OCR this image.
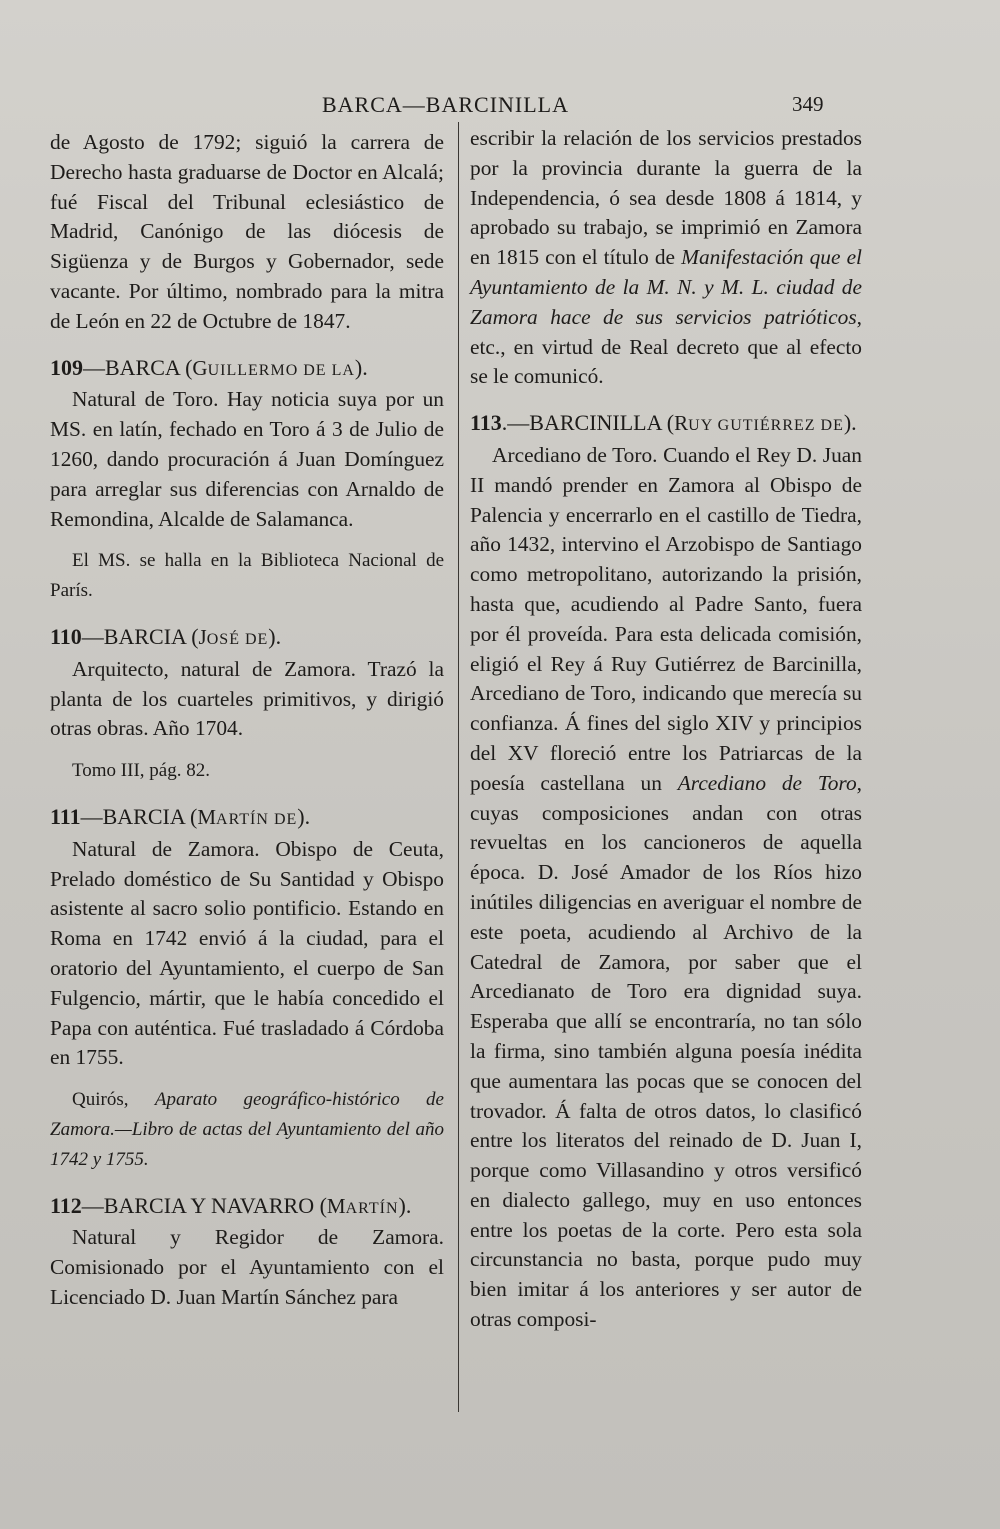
BARCA—BARCINILLA	349

de Agosto de 1792; siguió la carrera de Derecho hasta graduarse de Doctor en Alcalá; fué Fiscal del Tribunal eclesiástico de Madrid, Canónigo de las diócesis de Sigüenza y de Burgos y Gobernador, sede vacante. Por último, nombrado para la mitra de León en 22 de Octubre de 1847.

109—BARCA (GUILLERMO DE LA).

Natural de Toro. Hay noticia suya por un MS. en latín, fechado en Toro á 3 de Julio de 1260, dando procuración á Juan Domínguez para arreglar sus diferencias con Arnaldo de Remondina, Alcalde de Salamanca.

El MS. se halla en la Biblioteca Nacional de París.

110—BARCIA (JOSÉ DE).

Arquitecto, natural de Zamora. Trazó la planta de los cuarteles primitivos, y dirigió otras obras. Año 1704.

Tomo III, pág. 82.

111—BARCIA (MARTÍN DE).

Natural de Zamora. Obispo de Ceuta, Prelado doméstico de Su Santidad y Obispo asistente al sacro solio pontificio. Estando en Roma en 1742 envió á la ciudad, para el oratorio del Ayuntamiento, el cuerpo de San Fulgencio, mártir, que le había concedido el Papa con auténtica. Fué trasladado á Córdoba en 1755.

Quirós, Aparato geográfico-histórico de Zamora.—Libro de actas del Ayuntamiento del año 1742 y 1755.

112—BARCIA Y NAVARRO (MARTÍN).

Natural y Regidor de Zamora. Comisionado por el Ayuntamiento con el Licenciado D. Juan Martín Sánchez para

escribir la relación de los servicios prestados por la provincia durante la guerra de la Independencia, ó sea desde 1808 á 1814, y aprobado su trabajo, se imprimió en Zamora en 1815 con el título de Manifestación que el Ayuntamiento de la M. N. y M. L. ciudad de Zamora hace de sus servicios patrióticos, etc., en virtud de Real decreto que al efecto se le comunicó.

113.—BARCINILLA (RUY GUTIÉRREZ DE).

Arcediano de Toro. Cuando el Rey D. Juan II mandó prender en Zamora al Obispo de Palencia y encerrarlo en el castillo de Tiedra, año 1432, intervino el Arzobispo de Santiago como metropolitano, autorizando la prisión, hasta que, acudiendo al Padre Santo, fuera por él proveída. Para esta delicada comisión, eligió el Rey á Ruy Gutiérrez de Barcinilla, Arcediano de Toro, indicando que merecía su confianza. Á fines del siglo XIV y principios del XV floreció entre los Patriarcas de la poesía castellana un Arcediano de Toro, cuyas composiciones andan con otras revueltas en los cancioneros de aquella época. D. José Amador de los Ríos hizo inútiles diligencias en averiguar el nombre de este poeta, acudiendo al Archivo de la Catedral de Zamora, por saber que el Arcedianato de Toro era dignidad suya. Esperaba que allí se encontraría, no tan sólo la firma, sino también alguna poesía inédita que aumentara las pocas que se conocen del trovador. Á falta de otros datos, lo clasificó entre los literatos del reinado de D. Juan I, porque como Villasandino y otros versificó en dialecto gallego, muy en uso entonces entre los poetas de la corte. Pero esta sola circunstancia no basta, porque pudo muy bien imitar á los anteriores y ser autor de otras composi-
